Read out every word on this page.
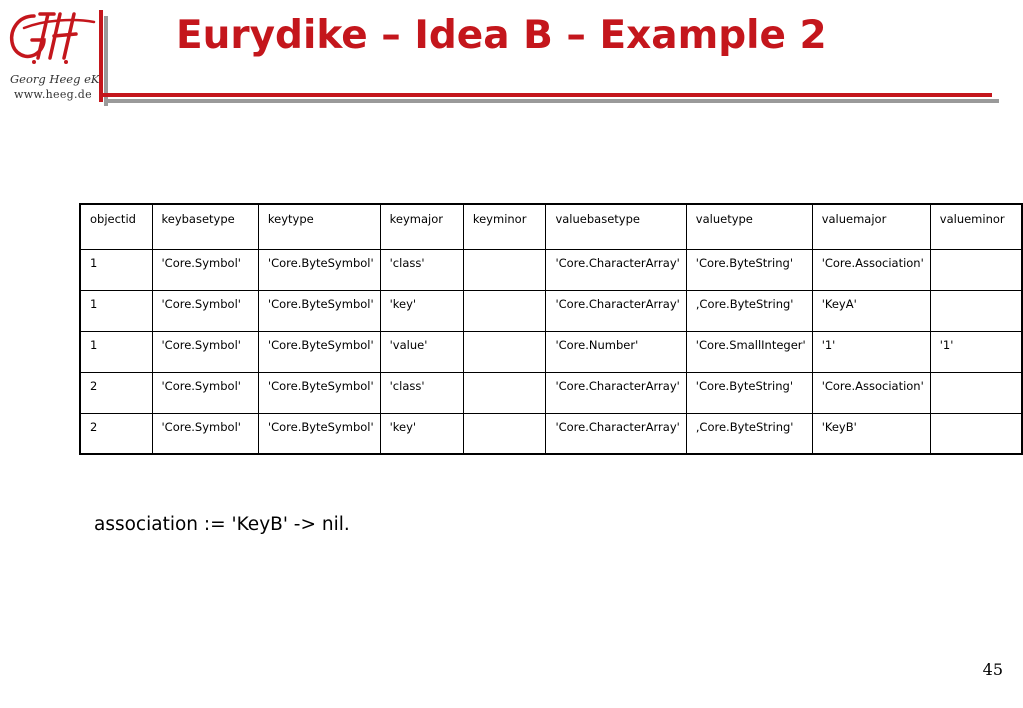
Georg Heeg eK
www.heeg.de
Eurydike – Idea B – Example 2
objectid	keybasetype	keytype	keymajor	keyminor	valuebasetype	valuetype	valuemajor	valueminor
1	'Core.Symbol'	'Core.ByteSymbol'	'class'		'Core.CharacterArray'	'Core.ByteString'	'Core.Association'	
1	'Core.Symbol'	'Core.ByteSymbol'	'key'		'Core.CharacterArray'	‚Core.ByteString'	'KeyA'	
1	'Core.Symbol'	'Core.ByteSymbol'	'value'		'Core.Number'	'Core.SmallInteger'	'1'	'1'
2	'Core.Symbol'	'Core.ByteSymbol'	'class'		'Core.CharacterArray'	'Core.ByteString'	'Core.Association'	
2	'Core.Symbol'	'Core.ByteSymbol'	'key'		'Core.CharacterArray'	‚Core.ByteString'	'KeyB'	
association := 'KeyB' -> nil.
45
